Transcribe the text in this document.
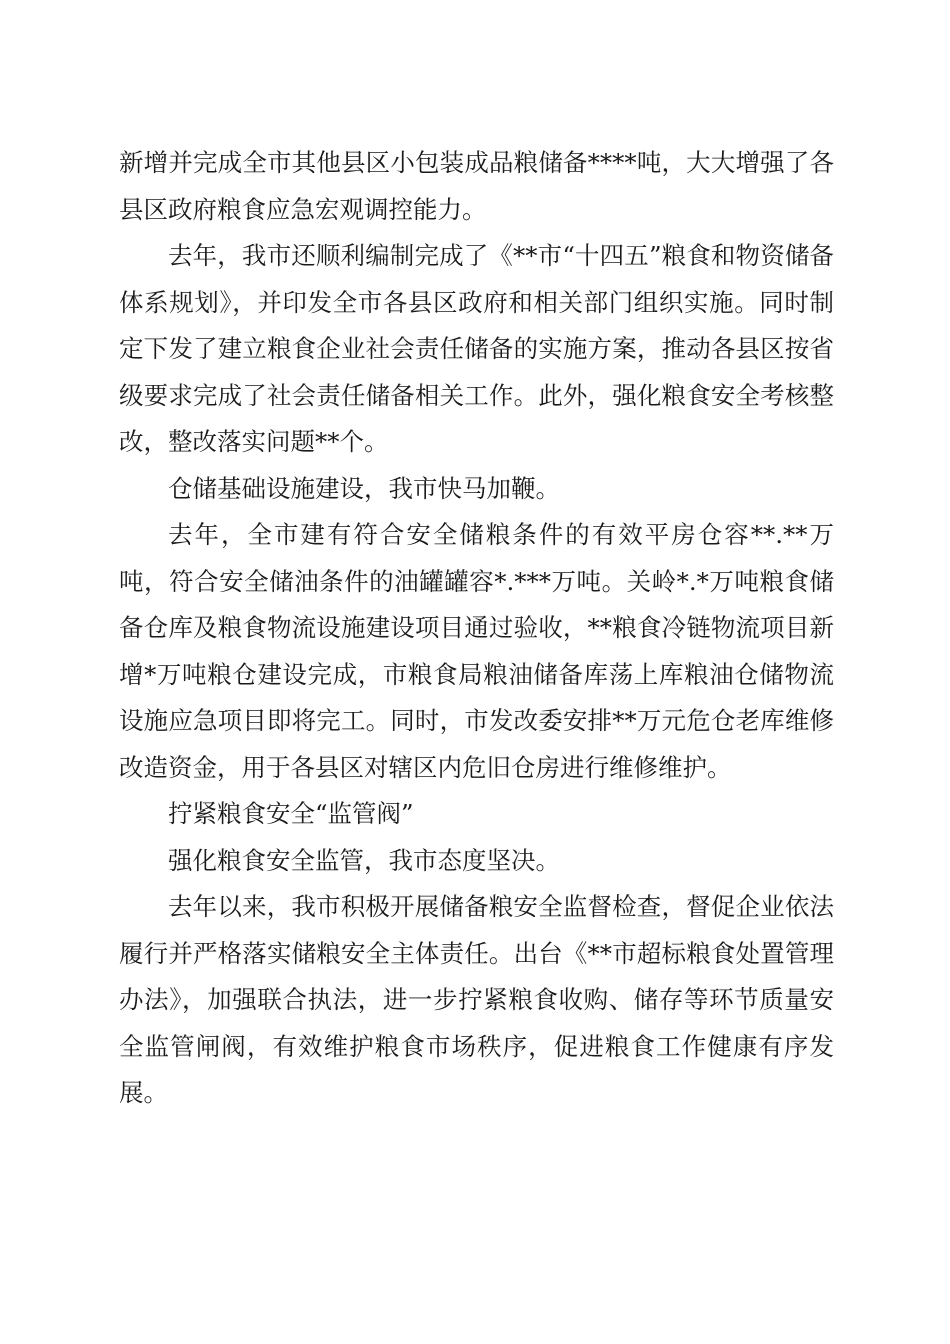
新增并完成全市其他县区小包装成品粮储备****吨，大大增强了各县区政府粮食应急宏观调控能力。

去年，我市还顺利编制完成了《**市“十四五”粮食和物资储备体系规划》，并印发全市各县区政府和相关部门组织实施。同时制定下发了建立粮食企业社会责任储备的实施方案，推动各县区按省级要求完成了社会责任储备相关工作。此外，强化粮食安全考核整改，整改落实问题**个。

仓储基础设施建设，我市快马加鞭。

去年，全市建有符合安全储粮条件的有效平房仓容**.**万吨，符合安全储油条件的油罐罐容*.***万吨。关岭*.*万吨粮食储备仓库及粮食物流设施建设项目通过验收，**粮食冷链物流项目新增*万吨粮仓建设完成，市粮食局粮油储备库荡上库粮油仓储物流设施应急项目即将完工。同时，市发改委安排**万元危仓老库维修改造资金，用于各县区对辖区内危旧仓房进行维修维护。

拧紧粮食安全“监管阀”

强化粮食安全监管，我市态度坚决。

去年以来，我市积极开展储备粮安全监督检查，督促企业依法履行并严格落实储粮安全主体责任。出台《**市超标粮食处置管理办法》，加强联合执法，进一步拧紧粮食收购、储存等环节质量安全监管闸阀，有效维护粮食市场秩序，促进粮食工作健康有序发展。
